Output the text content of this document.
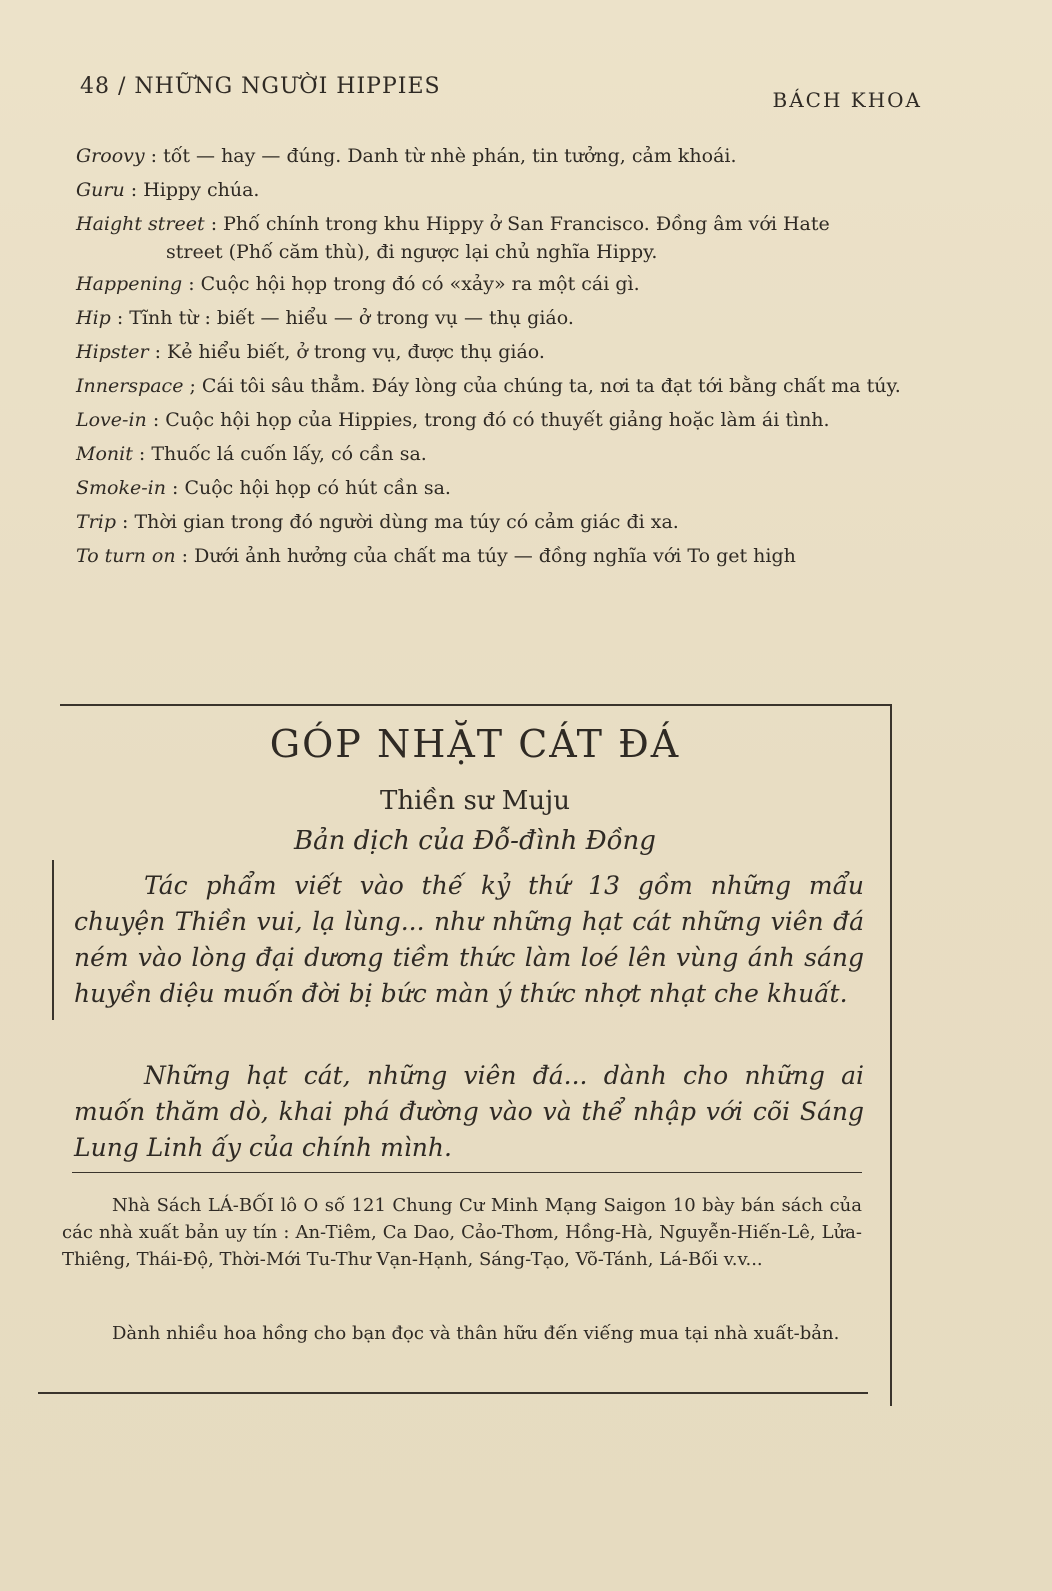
48 / NHỮNG NGƯỜI HIPPIES
BÁCH KHOA
Groovy : tốt — hay — đúng. Danh từ nhè phán, tin tưởng, cảm khoái.
Guru : Hippy chúa.
Haight street : Phố chính trong khu Hippy ở San Francisco. Đồng âm với Hate
street (Phố căm thù), đi ngược lại chủ nghĩa Hippy.
Happening : Cuộc hội họp trong đó có «xảy» ra một cái gì.
Hip : Tĩnh từ : biết — hiểu — ở trong vụ — thụ giáo.
Hipster : Kẻ hiểu biết, ở trong vụ, được thụ giáo.
Innerspace ; Cái tôi sâu thẳm. Đáy lòng của chúng ta, nơi ta đạt tới bằng chất ma túy.
Love-in : Cuộc hội họp của Hippies, trong đó có thuyết giảng hoặc làm ái tình.
Monit : Thuốc lá cuốn lấy, có cần sa.
Smoke-in : Cuộc hội họp có hút cần sa.
Trip : Thời gian trong đó người dùng ma túy có cảm giác đi xa.
To turn on : Dưới ảnh hưởng của chất ma túy — đồng nghĩa với To get high
GÓP NHẶT CÁT ĐÁ
Thiền sư Muju
Bản dịch của Đỗ-đình Đồng
Tác phẩm viết vào thế kỷ thứ 13 gồm những mẩu chuyện Thiền vui, lạ lùng... như những hạt cát những viên đá ném vào lòng đại dương tiềm thức làm loé lên vùng ánh sáng huyền diệu muốn đời bị bức màn ý thức nhợt nhạt che khuất.
Những hạt cát, những viên đá... dành cho những ai muốn thăm dò, khai phá đường vào và thể nhập với cõi Sáng Lung Linh ấy của chính mình.
Nhà Sách LÁ-BỐI lô O số 121 Chung Cư Minh Mạng Saigon 10 bày bán sách của các nhà xuất bản uy tín : An-Tiêm, Ca Dao, Cảo-Thơm, Hồng-Hà, Nguyễn-Hiến-Lê, Lửa-Thiêng, Thái-Độ, Thời-Mới Tu-Thư Vạn-Hạnh, Sáng-Tạo, Võ-Tánh, Lá-Bối v.v...
Dành nhiều hoa hồng cho bạn đọc và thân hữu đến viếng mua tại nhà xuất-bản.
